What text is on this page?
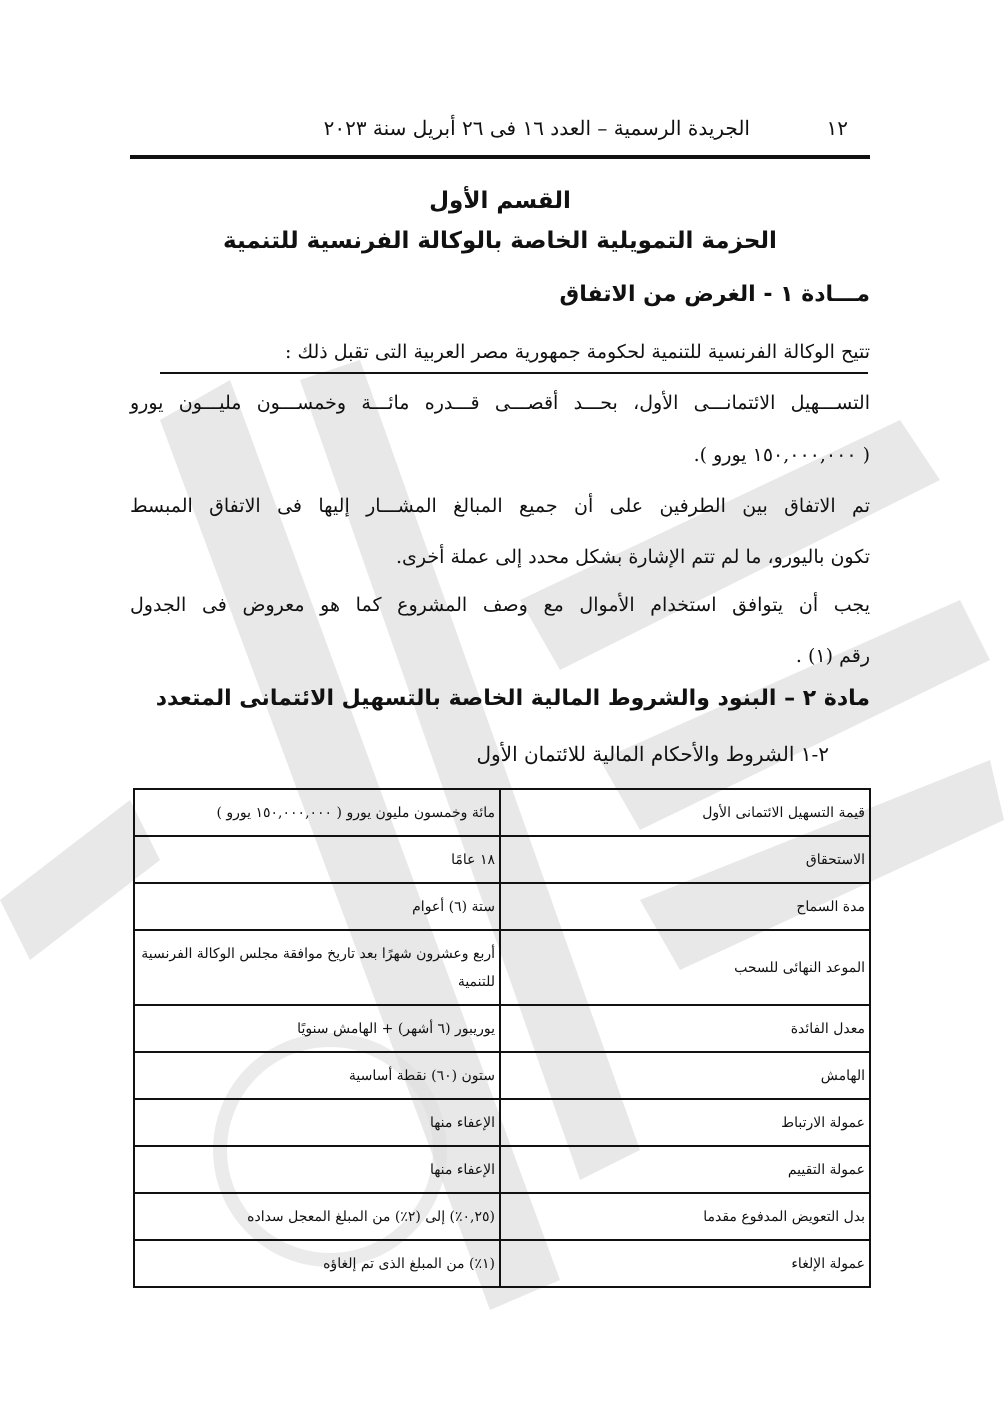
١٢
الجريدة الرسمية – العدد ١٦ فى ٢٦ أبريل سنة ٢٠٢٣
القسم الأول
الحزمة التمويلية الخاصة بالوكالة الفرنسية للتنمية
مـــادة ١ - الغرض من الاتفاق
تتيح الوكالة الفرنسية للتنمية لحكومة جمهورية مصر العربية التى تقبل ذلك :
التســـهيل الائتمانـــى الأول، بحـــد أقصـــى قـــدره مائـــة وخمســـون مليـــون يورو
( ١٥٠,٠٠٠,٠٠٠ يورو ).
تم الاتفاق بين الطرفين على أن جميع المبالغ المشـــار إليها فى الاتفاق المبسط
تكون باليورو، ما لم تتم الإشارة بشكل محدد إلى عملة أخرى.
يجب أن يتوافق استخدام الأموال مع وصف المشروع كما هو معروض فى الجدول
رقم (١) .
مادة ٢ – البنود والشروط المالية الخاصة بالتسهيل الائتمانى المتعدد
٢-١ الشروط والأحكام المالية للائتمان الأول
قيمة التسهيل الائتمانى الأول	مائة وخمسون مليون يورو ( ١٥٠,٠٠٠,٠٠٠ يورو )
الاستحقاق	١٨ عامًا
مدة السماح	ستة (٦) أعوام
الموعد النهائى للسحب	أربع وعشرون شهرًا بعد تاريخ موافقة مجلس الوكالة الفرنسية للتنمية
معدل الفائدة	يوريبور (٦ أشهر) + الهامش سنويًا
الهامش	ستون (٦٠) نقطة أساسية
عمولة الارتباط	الإعفاء منها
عمولة التقييم	الإعفاء منها
بدل التعويض المدفوع مقدما	(٠,٢٥٪) إلى (٢٪) من المبلغ المعجل سداده
عمولة الإلغاء	(١٪) من المبلغ الذى تم إلغاؤه
